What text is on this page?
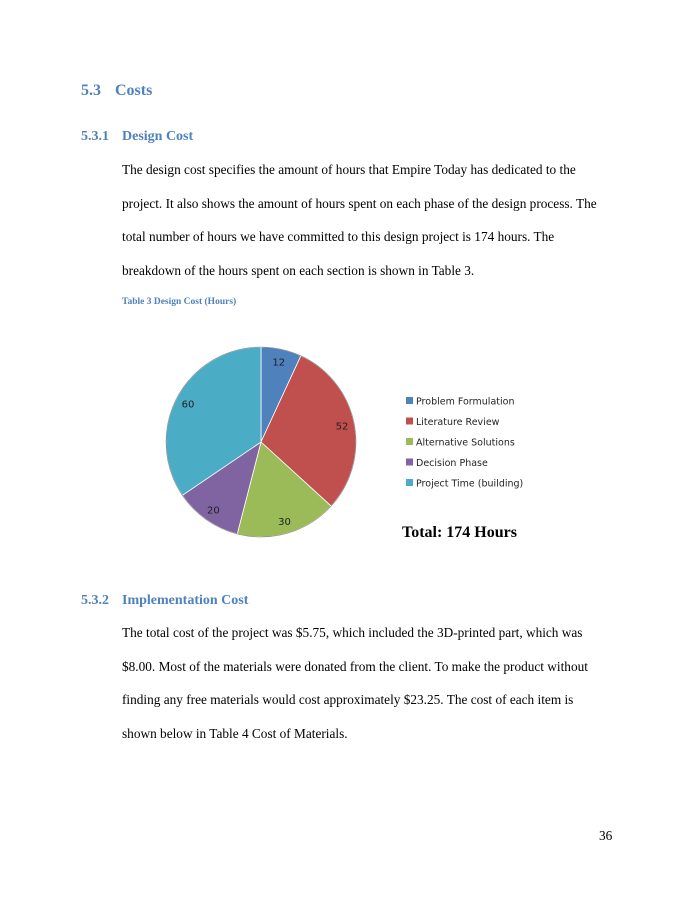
5.3 Costs
5.3.1 Design Cost
The design cost specifies the amount of hours that Empire Today has dedicated to the
project. It also shows the amount of hours spent on each phase of the design process. The
total number of hours we have committed to this design project is 174 hours. The
breakdown of the hours spent on each section is shown in Table 3.
Table 3 Design Cost (Hours)
12
52
30
20
60	Problem Formulation
Literature Review
Alternative Solutions
Decision Phase
Project Time (building)
Total: 174 Hours
5.3.2 Implementation Cost
The total cost of the project was $5.75, which included the 3D-printed part, which was
$8.00. Most of the materials were donated from the client. To make the product without
finding any free materials would cost approximately $23.25. The cost of each item is
shown below in Table 4 Cost of Materials.
36
